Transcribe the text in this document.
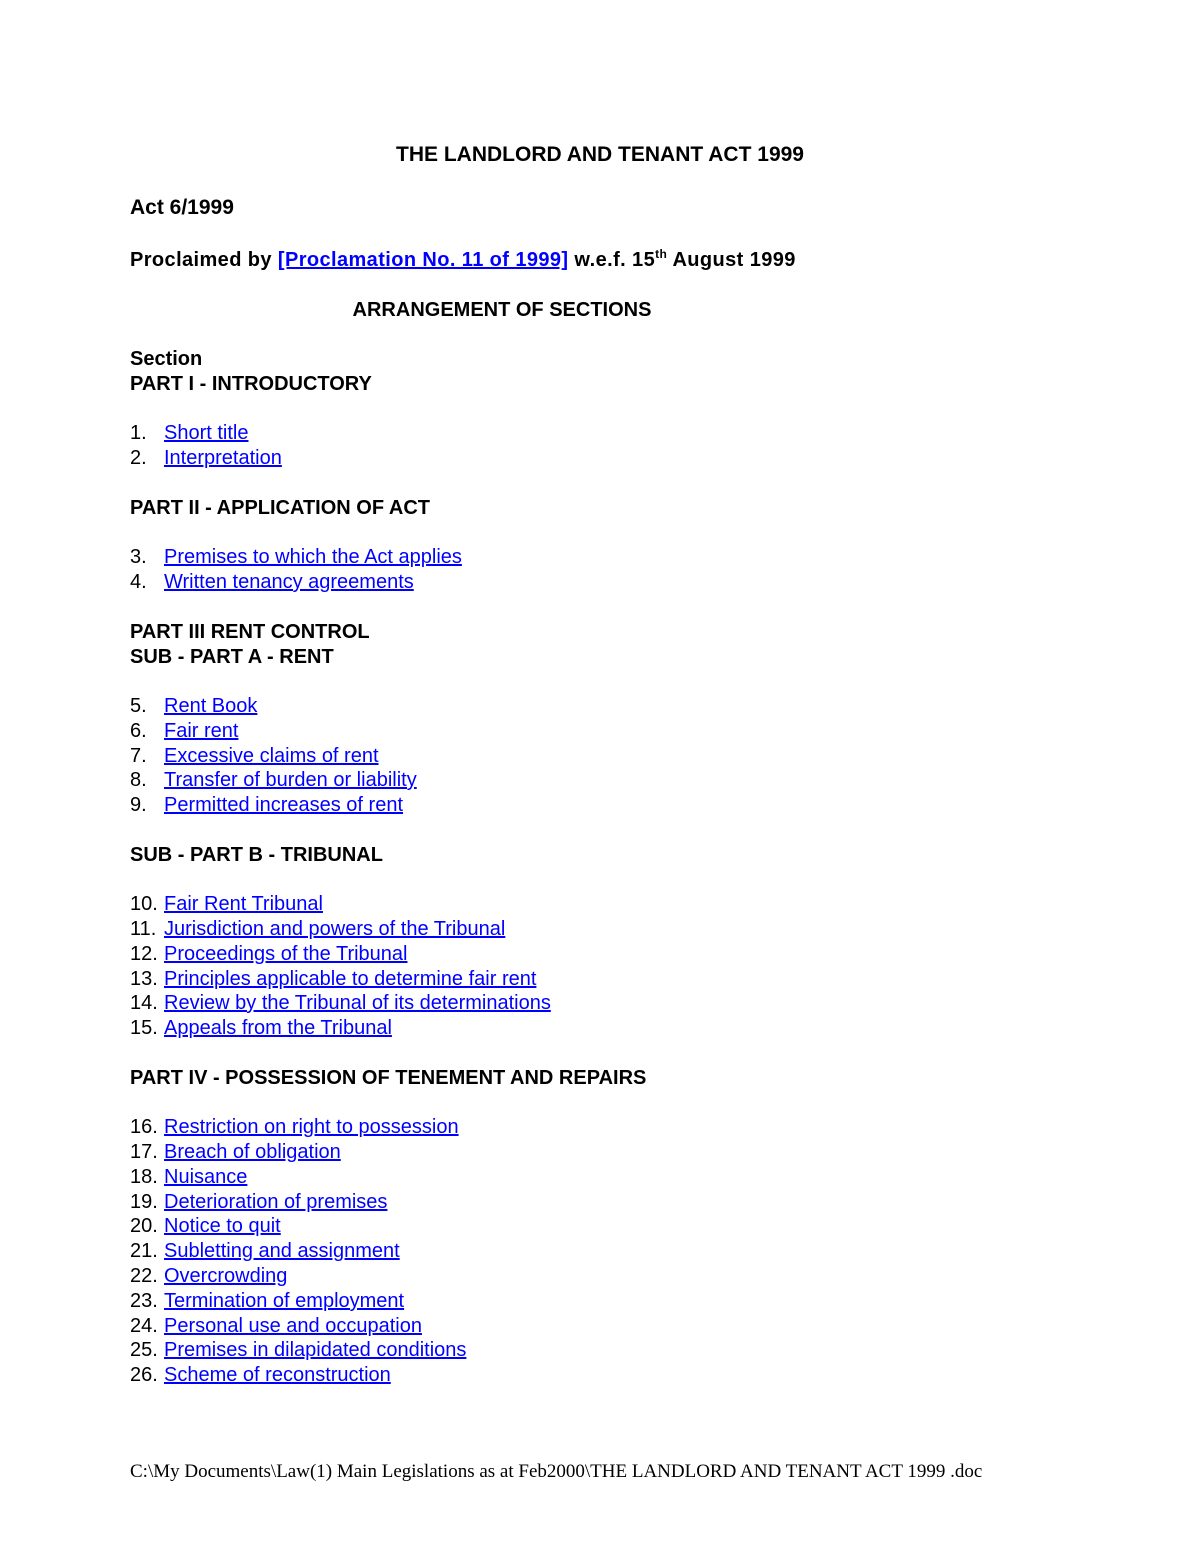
THE LANDLORD AND TENANT ACT 1999
Act 6/1999
Proclaimed by [Proclamation No. 11 of 1999] w.e.f. 15th August 1999
ARRANGEMENT OF SECTIONS
Section
PART I - INTRODUCTORY
1. Short title
2. Interpretation
PART II - APPLICATION OF ACT
3. Premises to which the Act applies
4. Written tenancy agreements
PART III RENT CONTROL
SUB - PART A - RENT
5. Rent Book
6. Fair rent
7. Excessive claims of rent
8. Transfer of burden or liability
9. Permitted increases of rent
SUB - PART B - TRIBUNAL
10. Fair Rent Tribunal
11. Jurisdiction and powers of the Tribunal
12. Proceedings of the Tribunal
13. Principles applicable to determine fair rent
14. Review by the Tribunal of its determinations
15. Appeals from the Tribunal
PART IV - POSSESSION OF TENEMENT AND REPAIRS
16. Restriction on right to possession
17. Breach of obligation
18. Nuisance
19. Deterioration of premises
20. Notice to quit
21. Subletting and assignment
22. Overcrowding
23. Termination of employment
24. Personal use and occupation
25. Premises in dilapidated conditions
26. Scheme of reconstruction
C:\My Documents\Law(1) Main Legislations as at Feb2000\THE LANDLORD AND TENANT ACT 1999 .doc
